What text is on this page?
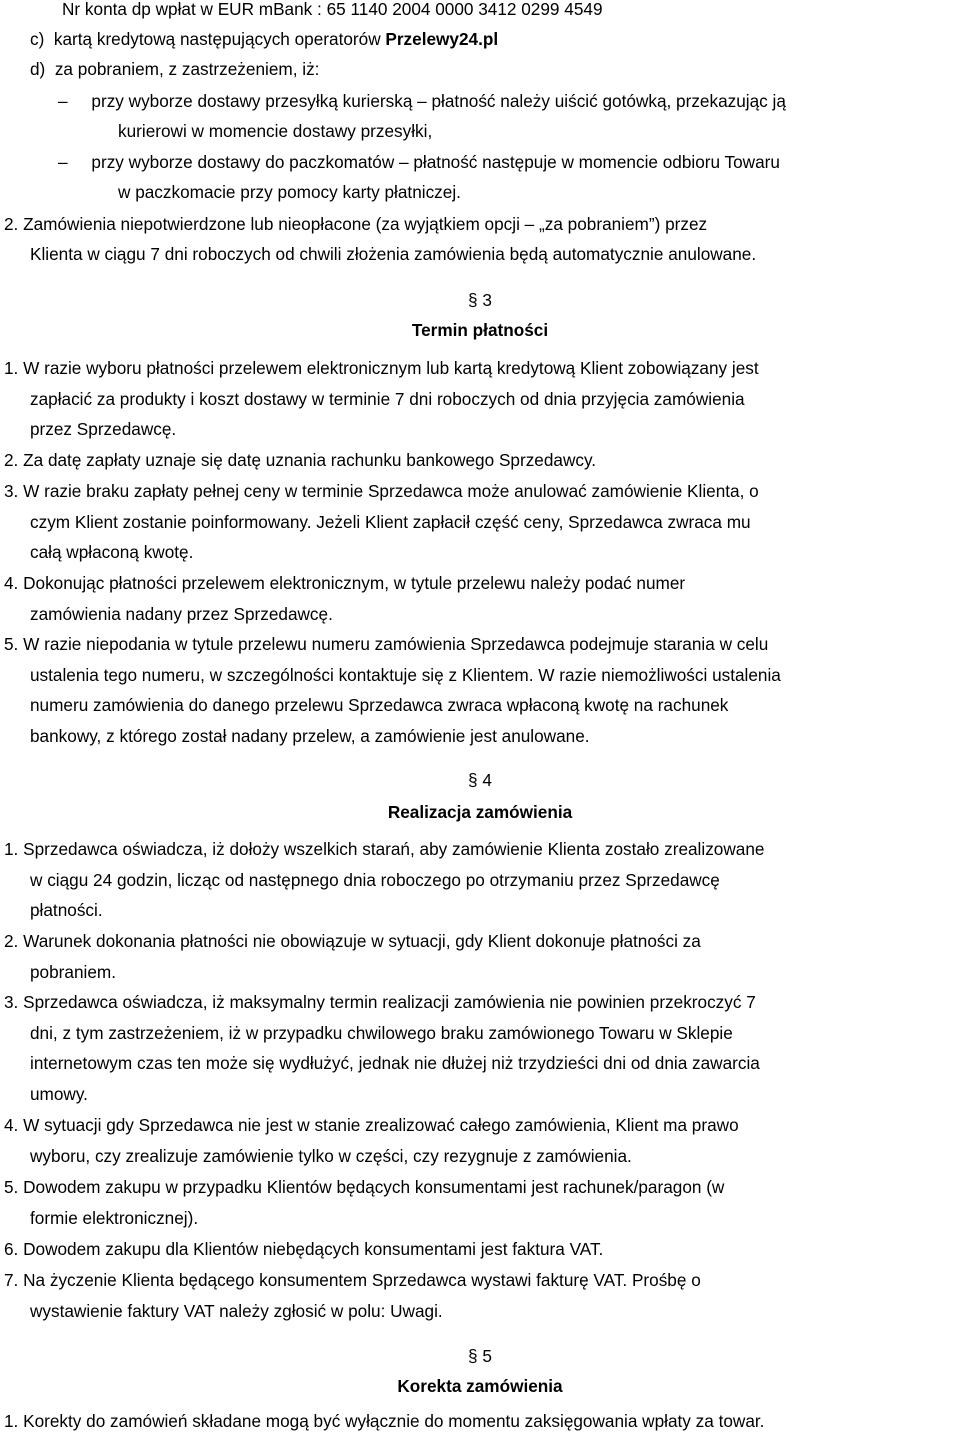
Nr konta dp wpłat w EUR mBank : 65 1140 2004 0000 3412 0299 4549
c)  kartą kredytową następujących operatorów Przelewy24.pl
d)  za pobraniem, z zastrzeżeniem, iż:
–     przy wyborze dostawy przesyłką kurierską – płatność należy uiścić gotówką, przekazując ją
kurierowi w momencie dostawy przesyłki,
–     przy wyborze dostawy do paczkomatów – płatność następuje w momencie odbioru Towaru
w paczkomacie przy pomocy karty płatniczej.
2. Zamówienia niepotwierdzone lub nieopłacone (za wyjątkiem opcji – „za pobraniem”) przez
Klienta w ciągu 7 dni roboczych od chwili złożenia zamówienia będą automatycznie anulowane.
§ 3
Termin płatności
1. W razie wyboru płatności przelewem elektronicznym lub kartą kredytową Klient zobowiązany jest
zapłacić za produkty i koszt dostawy w terminie 7 dni roboczych od dnia przyjęcia zamówienia
przez Sprzedawcę.
2. Za datę zapłaty uznaje się datę uznania rachunku bankowego Sprzedawcy.
3. W razie braku zapłaty pełnej ceny w terminie Sprzedawca może anulować zamówienie Klienta, o
czym Klient zostanie poinformowany. Jeżeli Klient zapłacił część ceny, Sprzedawca zwraca mu
całą wpłaconą kwotę.
4. Dokonując płatności przelewem elektronicznym, w tytule przelewu należy podać numer
zamówienia nadany przez Sprzedawcę.
5. W razie niepodania w tytule przelewu numeru zamówienia Sprzedawca podejmuje starania w celu
ustalenia tego numeru, w szczególności kontaktuje się z Klientem. W razie niemożliwości ustalenia
numeru zamówienia do danego przelewu Sprzedawca zwraca wpłaconą kwotę na rachunek
bankowy, z którego został nadany przelew, a zamówienie jest anulowane.
§ 4
Realizacja zamówienia
1. Sprzedawca oświadcza, iż dołoży wszelkich starań, aby zamówienie Klienta zostało zrealizowane
w ciągu 24 godzin, licząc od następnego dnia roboczego po otrzymaniu przez Sprzedawcę
płatności.
2. Warunek dokonania płatności nie obowiązuje w sytuacji, gdy Klient dokonuje płatności za
pobraniem.
3. Sprzedawca oświadcza, iż maksymalny termin realizacji zamówienia nie powinien przekroczyć 7
dni, z tym zastrzeżeniem, iż w przypadku chwilowego braku zamówionego Towaru w Sklepie
internetowym czas ten może się wydłużyć, jednak nie dłużej niż trzydzieści dni od dnia zawarcia
umowy.
4. W sytuacji gdy Sprzedawca nie jest w stanie zrealizować całego zamówienia, Klient ma prawo
wyboru, czy zrealizuje zamówienie tylko w części, czy rezygnuje z zamówienia.
5. Dowodem zakupu w przypadku Klientów będących konsumentami jest rachunek/paragon (w
formie elektronicznej).
6. Dowodem zakupu dla Klientów niebędących konsumentami jest faktura VAT.
7. Na życzenie Klienta będącego konsumentem Sprzedawca wystawi fakturę VAT. Prośbę o
wystawienie faktury VAT należy zgłosić w polu: Uwagi.
§ 5
Korekta zamówienia
1. Korekty do zamówień składane mogą być wyłącznie do momentu zaksięgowania wpłaty za towar.
